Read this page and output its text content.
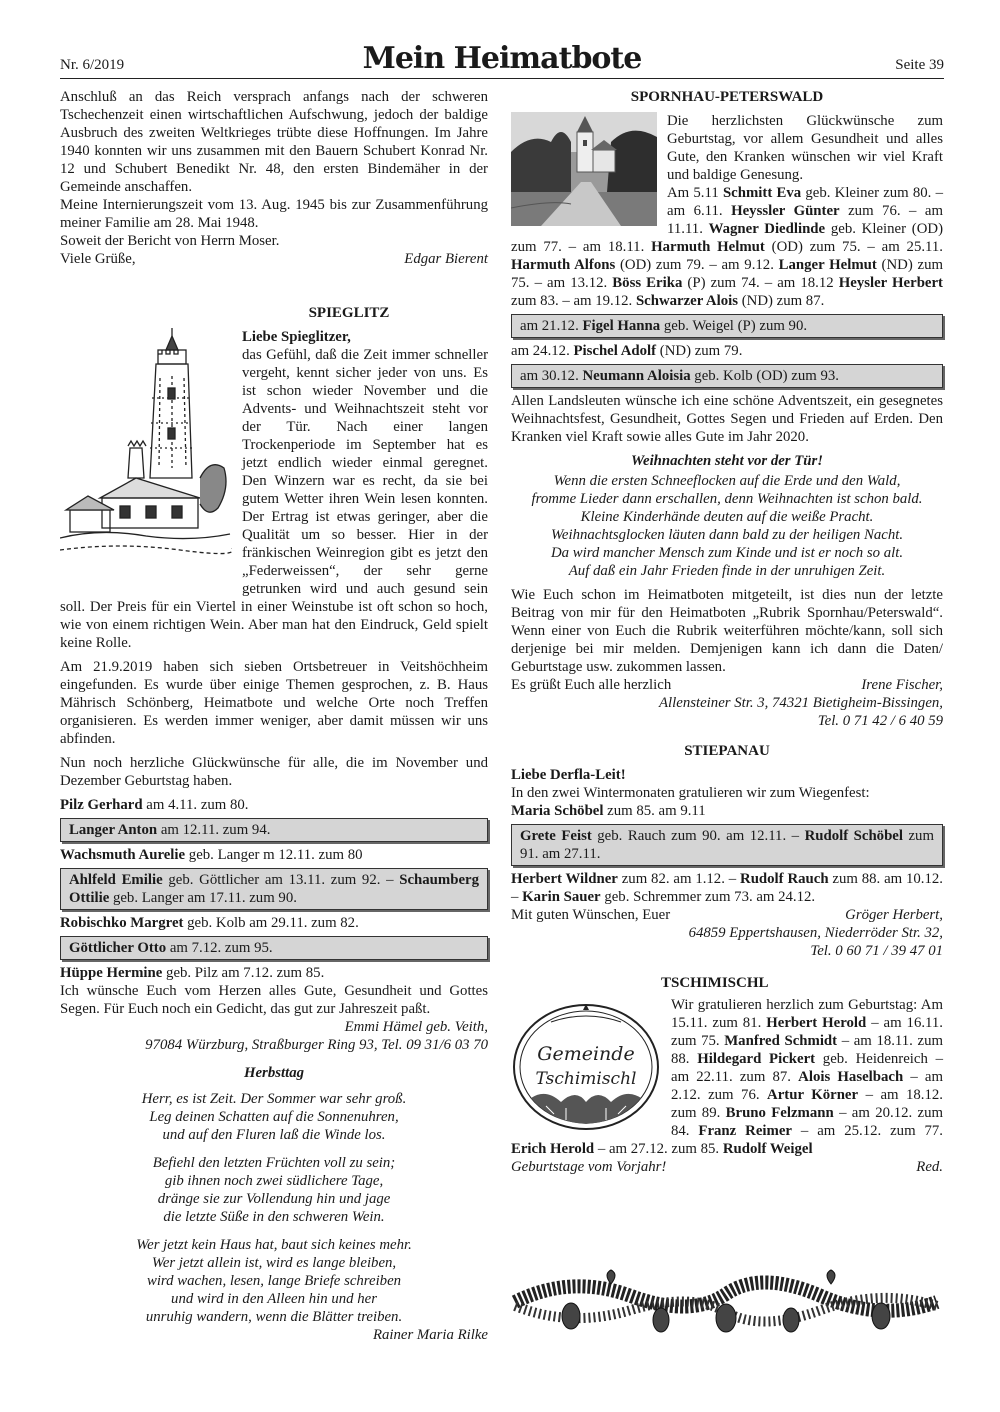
Nr. 6/2019	Mein Heimatbote	Seite 39

Anschluß an das Reich versprach anfangs nach der schweren Tschechenzeit einen wirtschaftlichen Aufschwung, jedoch der baldige Ausbruch des zweiten Weltkrieges trübte diese Hoffnungen. Im Jahre 1940 konnten wir uns zusammen mit den Bauern Schubert Konrad Nr. 12 und Schubert Benedikt Nr. 48, den ersten Bindemäher in der Gemeinde anschaffen.

Meine Internierungszeit vom 13. Aug. 1945 bis zur Zusammenführung meiner Familie am 28. Mai 1948.

Soweit der Bericht von Herrn Moser.

Viele Grüße,	Edgar Bierent
SPIEGLITZ

Liebe Spieglitzer,

das Gefühl, daß die Zeit immer schneller vergeht, kennt sicher jeder von uns. Es ist schon wieder November und die Advents- und Weihnachtszeit steht vor der Tür. Nach einer langen Trockenperiode im September hat es jetzt endlich wieder einmal geregnet. Den Winzern war es recht, da sie bei gutem Wetter ihren Wein lesen konnten. Der Ertrag ist etwas geringer, aber die Qualität um so besser. Hier in der fränkischen Weinregion gibt es jetzt den „Federweissen“, der sehr gerne getrunken wird und auch gesund sein soll. Der Preis für ein Viertel in einer Weinstube ist oft schon so hoch, wie von einem richtigen Wein. Aber man hat den Eindruck, Geld spielt keine Rolle.

Am 21.9.2019 haben sich sieben Ortsbetreuer in Veitshöchheim eingefunden. Es wurde über einige Themen gesprochen, z. B. Haus Mährisch Schönberg, Heimatbote und welche Orte noch Treffen organisieren. Es werden immer weniger, aber damit müssen wir uns abfinden.

Nun noch herzliche Glückwünsche für alle, die im November und Dezember Geburtstag haben.

Pilz Gerhard am 4.11. zum 80.

Langer Anton am 12.11. zum 94.

Wachsmuth Aurelie geb. Langer m 12.11. zum 80

Ahlfeld Emilie geb. Göttlicher am 13.11. zum 92. – Schaumberg Ottilie geb. Langer am 17.11. zum 90.

Robischko Margret geb. Kolb am 29.11. zum 82.

Göttlicher Otto am 7.12. zum 95.

Hüppe Hermine geb. Pilz am 7.12. zum 85.

Ich wünsche Euch vom Herzen alles Gute, Gesundheit und Gottes Segen. Für Euch noch ein Gedicht, das gut zur Jahreszeit paßt.

Emmi Hämel geb. Veith,

97084 Würzburg, Straßburger Ring 93, Tel. 09 31/6 03 70

Herbsttag

Herr, es ist Zeit. Der Sommer war sehr groß.

Leg deinen Schatten auf die Sonnenuhren,

und auf den Fluren laß die Winde los.

Befiehl den letzten Früchten voll zu sein;

gib ihnen noch zwei südlichere Tage,

dränge sie zur Vollendung hin und jage

die letzte Süße in den schweren Wein.

Wer jetzt kein Haus hat, baut sich keines mehr.

Wer jetzt allein ist, wird es lange bleiben,

wird wachen, lesen, lange Briefe schreiben

und wird in den Alleen hin und her

unruhig wandern, wenn die Blätter treiben.

Rainer Maria Rilke

SPORNHAU-PETERSWALD

Die herzlichsten Glückwünsche zum Geburtstag, vor allem Gesundheit und alles Gute, den Kranken wünschen wir viel Kraft und baldige Genesung.

Am 5.11 Schmitt Eva geb. Kleiner zum 80. – am 6.11. Heyssler Günter zum 76. – am 11.11. Wagner Diedlinde geb. Kleiner (OD) zum 77. – am 18.11. Harmuth Helmut (OD) zum 75. – am 25.11. Harmuth Alfons (OD) zum 79. – am 9.12. Langer Helmut (ND) zum 75. – am 13.12. Böss Erika (P) zum 74. – am 18.12 Heysler Herbert zum 83. – am 19.12. Schwarzer Alois (ND) zum 87.

am 21.12. Figel Hanna geb. Weigel (P) zum 90.

am 24.12. Pischel Adolf (ND) zum 79.

am 30.12. Neumann Aloisia geb. Kolb (OD) zum 93.

Allen Landsleuten wünsche ich eine schöne Adventszeit, ein gesegnetes Weihnachtsfest, Gesundheit, Gottes Segen und Frieden auf Erden. Den Kranken viel Kraft sowie alles Gute im Jahr 2020.

Weihnachten steht vor der Tür!

Wenn die ersten Schneeflocken auf die Erde und den Wald,

fromme Lieder dann erschallen, denn Weihnachten ist schon bald.

Kleine Kinderhände deuten auf die weiße Pracht.

Weihnachtsglocken läuten dann bald zu der heiligen Nacht.

Da wird mancher Mensch zum Kinde und ist er noch so alt.

Auf daß ein Jahr Frieden finde in der unruhigen Zeit.

Wie Euch schon im Heimatboten mitgeteilt, ist dies nun der letzte Beitrag von mir für den Heimatboten „Rubrik Spornhau/Peterswald“. Wenn einer von Euch die Rubrik weiterführen möchte/kann, soll sich derjenige bei mir melden. Demjenigen kann ich dann die Daten/ Geburtstage usw. zukommen lassen.

Es grüßt Euch alle herzlich	Irene Fischer,

Allensteiner Str. 3, 74321 Bietigheim-Bissingen,

Tel. 0 71 42 / 6 40 59

STIEPANAU

Liebe Derfla-Leit!

In den zwei Wintermonaten gratulieren wir zum Wiegenfest:

Maria Schöbel zum 85. am 9.11

Grete Feist geb. Rauch zum 90. am 12.11. – Rudolf Schöbel zum 91. am 27.11.

Herbert Wildner zum 82. am 1.12. – Rudolf Rauch zum 88. am 10.12. – Karin Sauer geb. Schremmer zum 73. am 24.12.

Mit guten Wünschen, Euer	Gröger Herbert,

64859 Eppertshausen, Niederröder Str. 32,

Tel. 0 60 71 / 39 47 01

TSCHIMISCHL
Gemeinde
Tschimischl

Wir gratulieren herzlich zum Geburtstag: Am 15.11. zum 81. Herbert Herold – am 16.11. zum 75. Manfred Schmidt – am 18.11. zum 88. Hildegard Pickert geb. Heidenreich – am 22.11. zum 87. Alois Haselbach – am 2.12. zum 76. Artur Körner – am 18.12. zum 89. Bruno Felzmann – am 20.12. zum 84. Franz Reimer – am 25.12. zum 77. Erich Herold – am 27.12. zum 85. Rudolf Weigel

Geburtstage vom Vorjahr!	Red.
